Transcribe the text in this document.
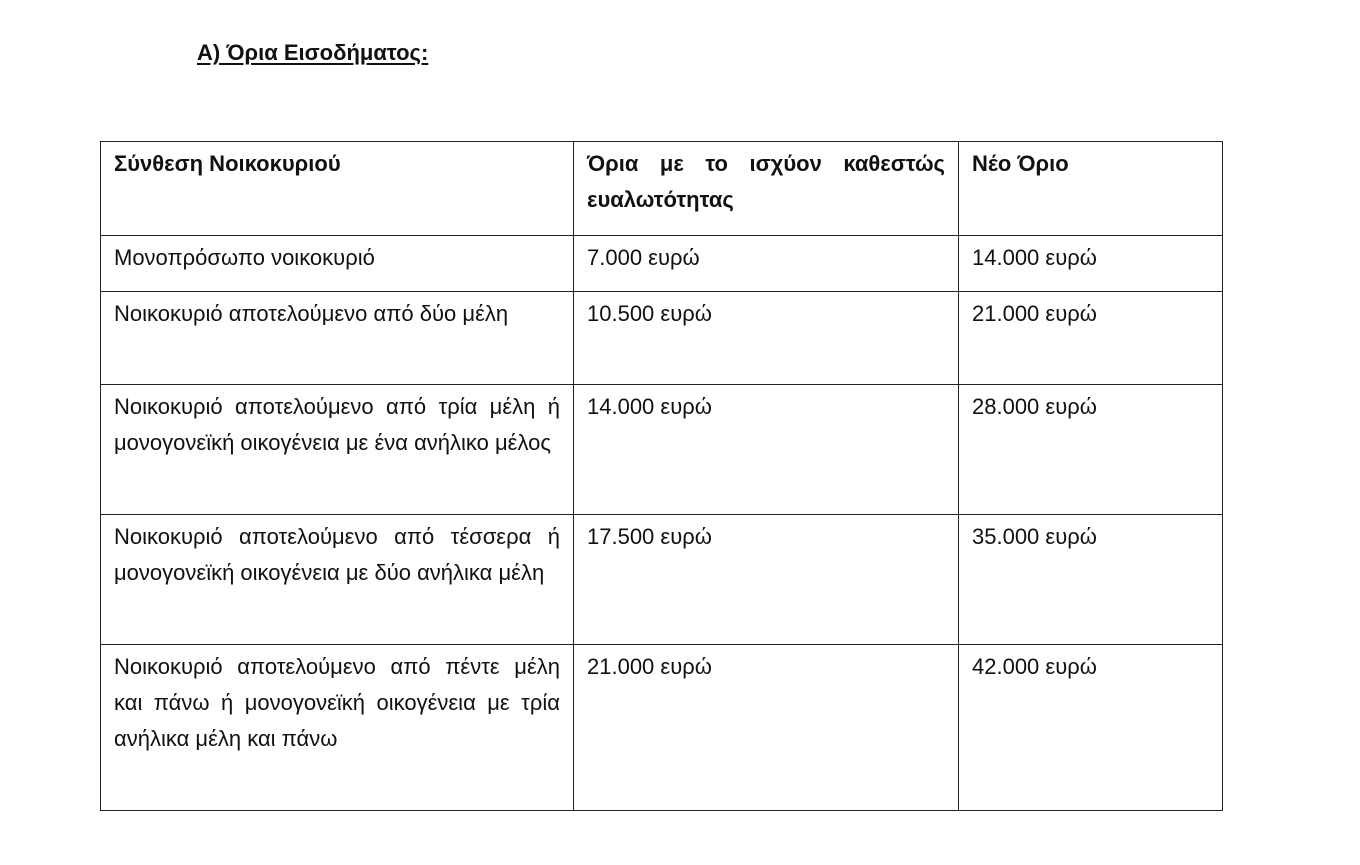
Α) Όρια Εισοδήματος:
Σύνθεση Νοικοκυριού	Όρια με το ισχύον καθεστώς ευαλωτότητας	Νέο Όριο
Μονοπρόσωπο νοικοκυριό	7.000 ευρώ	14.000 ευρώ
Νοικοκυριό αποτελούμενο από δύο μέλη	10.500 ευρώ	21.000 ευρώ
Νοικοκυριό αποτελούμενο από τρία μέλη ή μονογονεϊκή οικογένεια με ένα ανήλικο μέλος	14.000 ευρώ	28.000 ευρώ
Νοικοκυριό αποτελούμενο από τέσσερα ή μονογονεϊκή οικογένεια με δύο ανήλικα μέλη	17.500 ευρώ	35.000 ευρώ
Νοικοκυριό αποτελούμενο από πέντε μέλη και πάνω ή μονογονεϊκή οικογένεια με τρία ανήλικα μέλη και πάνω	21.000 ευρώ	42.000 ευρώ
